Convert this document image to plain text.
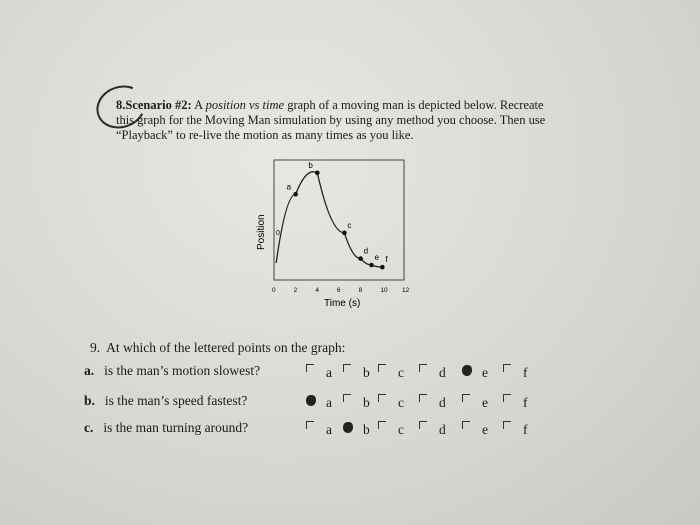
8.Scenario #2: A position vs time graph of a moving man is depicted below. Recreate
this graph for the Moving Man simulation by using any method you choose. Then use
“Playback” to re-live the motion as many times as you like.
a
b
c
d
e f
0	2	4	6	8	10 12
Position 0
Time (s)
9. At which of the lettered points on the graph:
a. is the man’s motion slowest?	a b c	d	e	f
b. is the man’s speed fastest?	a b c	d	e	f
c. is the man turning around?	a b c	d	e	f
